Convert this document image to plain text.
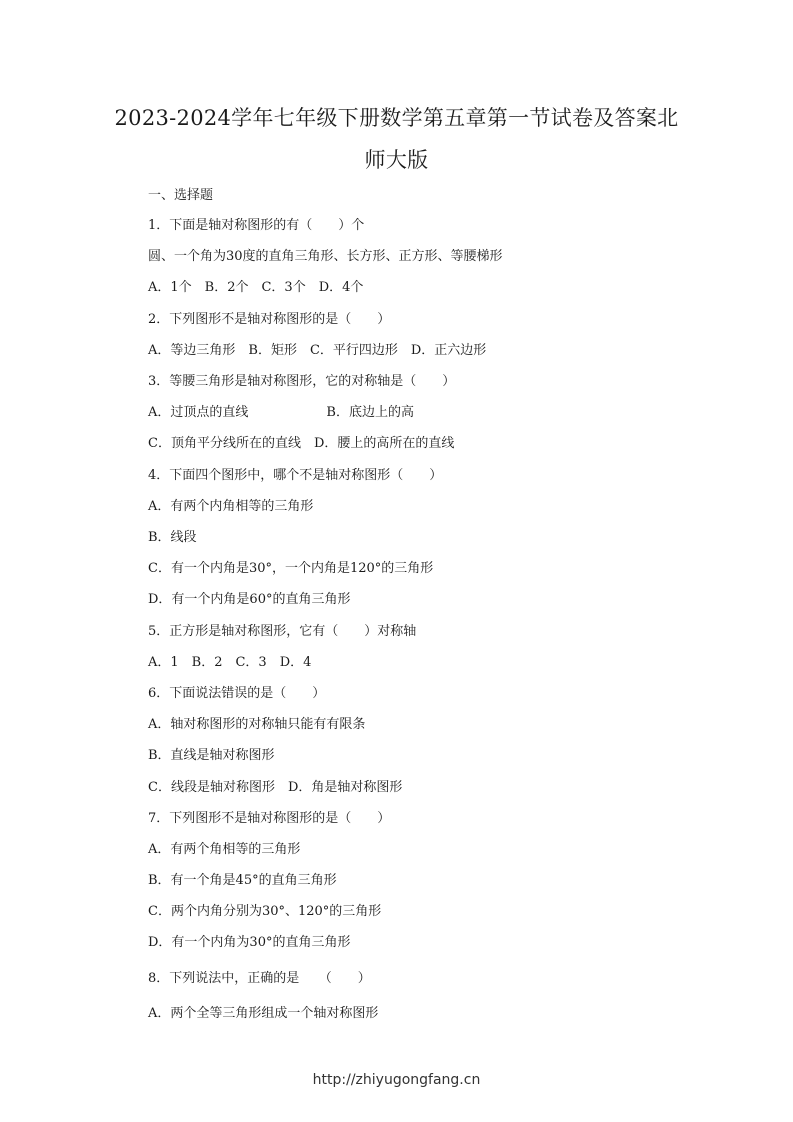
2023-2024学年七年级下册数学第五章第一节试卷及答案北
师大版
一、选择题
1．下面是轴对称图形的有（　　）个
圆、一个角为30度的直角三角形、长方形、正方形、等腰梯形
A．1个　B．2个　C．3个　D．4个
2．下列图形不是轴对称图形的是（　　）
A．等边三角形　B．矩形　C．平行四边形　D．正六边形
3．等腰三角形是轴对称图形，它的对称轴是（　　）
A．过顶点的直线　　　　　　B．底边上的高
C．顶角平分线所在的直线　D．腰上的高所在的直线
4．下面四个图形中，哪个不是轴对称图形（　　）
A．有两个内角相等的三角形
B．线段
C．有一个内角是30°，一个内角是120°的三角形
D．有一个内角是60°的直角三角形
5．正方形是轴对称图形，它有（　　）对称轴
A．1　B．2　C．3　D．4
6．下面说法错误的是（　　）
A．轴对称图形的对称轴只能有有限条
B．直线是轴对称图形
C．线段是轴对称图形　D．角是轴对称图形
7．下列图形不是轴对称图形的是（　　）
A．有两个角相等的三角形
B．有一个角是45°的直角三角形
C．两个内角分别为30°、120°的三角形
D．有一个内角为30°的直角三角形
8．下列说法中，正确的是　　（　　）
A．两个全等三角形组成一个轴对称图形
http://zhiyugongfang.cn
